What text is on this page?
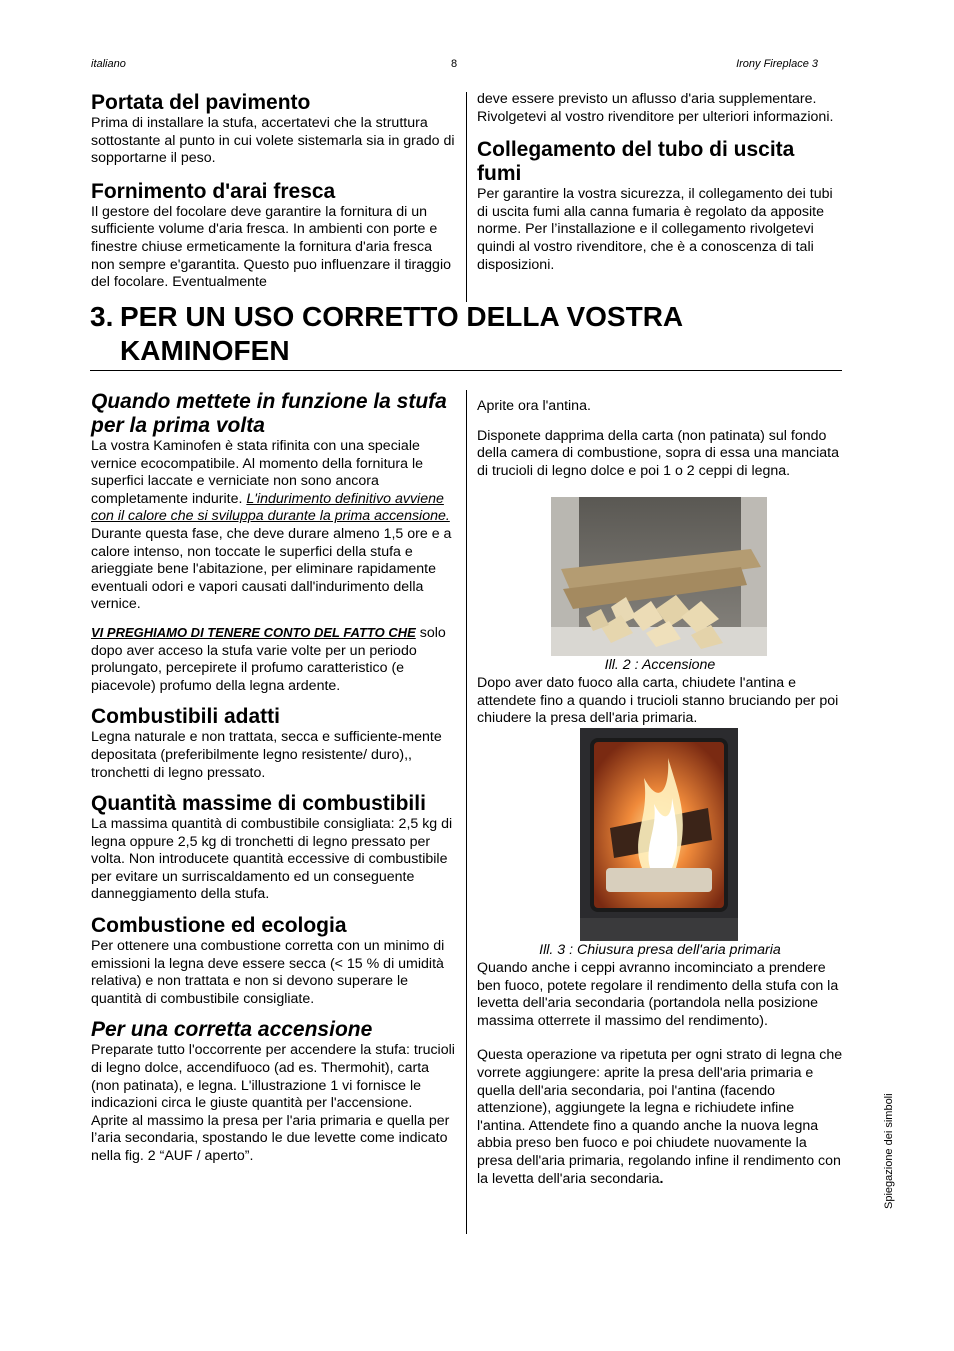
italiano	8	Irony Fireplace 3
Portata del pavimento

Prima di installare la stufa, accertatevi che la struttura sottostante al punto in cui volete sistemarla sia in grado di sopportarne il peso.

Fornimento d'arai fresca

Il gestore del focolare deve garantire la fornitura di un sufficiente volume d'aria fresca. In ambienti con porte e finestre chiuse ermeticamente la fornitura d'aria fresca non sempre e'garantita. Questo puo influenzare il tiraggio del focolare. Eventualmente

deve essere previsto un aflusso d'aria supplementare. Rivolgetevi al vostro rivenditore per ulteriori informazioni.

Collegamento del tubo di uscita fumi

Per garantire la vostra sicurezza, il collegamento dei tubi di uscita fumi alla canna fumaria è regolato da apposite norme. Per l’installazione e il collegamento rivolgetevi quindi al vostro rivenditore, che è a conoscenza di tali disposizioni.

3. PER UN USO CORRETTO DELLA VOSTRA KAMINOFEN
Quando mettete in funzione la stufa per la prima volta

La vostra Kaminofen è stata rifinita con una speciale vernice ecocompatibile. Al momento della fornitura le superfici laccate e verniciate non sono ancora completamente indurite. L'indurimento definitivo avviene con il calore che si sviluppa durante la prima accensione. Durante questa fase, che deve durare almeno 1,5 ore e a calore intenso, non toccate le superfici della stufa e arieggiate bene l'abitazione, per eliminare rapidamente eventuali odori e vapori causati dall'indurimento della vernice.

VI PREGHIAMO DI TENERE CONTO DEL FATTO CHE solo dopo aver acceso la stufa varie volte per un periodo prolungato, percepirete il profumo caratteristico (e piacevole) profumo della legna ardente.

Combustibili adatti

Legna naturale e non trattata, secca e sufficiente-mente depositata (preferibilmente legno resistente/ duro),, tronchetti di legno pressato.

Quantità massime di combustibili

La massima quantità di combustibile consigliata: 2,5 kg di legna oppure 2,5 kg di tronchetti di legno pressato per volta. Non introducete quantità eccessive di combustibile per evitare un surriscaldamento ed un conseguente danneggiamento della stufa.

Combustione ed ecologia

Per ottenere una combustione corretta con un minimo di emissioni la legna deve essere secca (< 15 % di umidità relativa) e non trattata e non si devono superare le quantità di combustibile consigliate.

Per una corretta accensione

Preparate tutto l'occorrente per accendere la stufa: trucioli di legno dolce, accendifuoco (ad es. Thermohit), carta (non patinata), e legna. L'illustrazione 1 vi fornisce le indicazioni circa le giuste quantità per l'accensione.

Aprite al massimo la presa per l'aria primaria e quella per l’aria secondaria, spostando le due levette come indicato nella fig. 2 “AUF / aperto”.

Aprite ora l'antina.

Disponete dapprima della carta (non patinata) sul fondo della camera di combustione, sopra di essa una manciata di trucioli di legno dolce e poi 1 o 2 ceppi di legna.

Ill. 2 : Accensione
Dopo aver dato fuoco alla carta, chiudete l'antina e attendete fino a quando i trucioli stanno bruciando per poi chiudere la presa dell'aria primaria.
Ill. 3 : Chiusura presa dell'aria primaria

Quando anche i ceppi avranno incominciato a prendere ben fuoco, potete regolare il rendimento della stufa con la levetta dell'aria secondaria (portandola nella posizione massima otterrete il massimo del rendimento).

Questa operazione va ripetuta per ogni strato di legna che vorrete aggiungere: aprite la presa dell'aria primaria e quella dell'aria secondaria, poi l'antina (facendo attenzione), aggiungete la legna e richiudete infine l'antina. Attendete fino a quando anche la nuova legna abbia preso ben fuoco e poi chiudete nuovamente la presa dell'aria primaria, regolando infine il rendimento con la levetta dell'aria secondaria.	Spiegazione dei simboli
